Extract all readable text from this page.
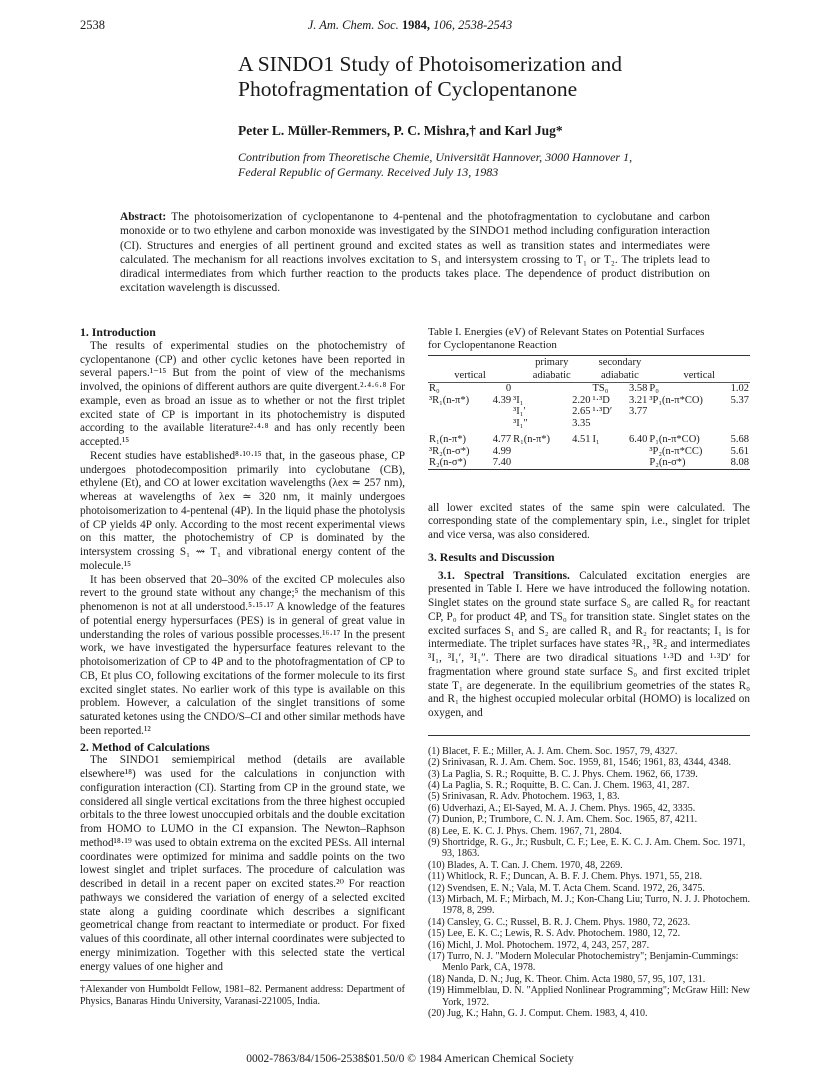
2538	J. Am. Chem. Soc. 1984, 106, 2538-2543
A SINDO1 Study of Photoisomerization and
Photofragmentation of Cyclopentanone
Peter L. Müller-Remmers, P. C. Mishra,† and Karl Jug*
Contribution from Theoretische Chemie, Universität Hannover, 3000 Hannover 1,
Federal Republic of Germany. Received July 13, 1983
Abstract: The photoisomerization of cyclopentanone to 4-pentenal and the photofragmentation to cyclobutane and carbon monoxide or to two ethylene and carbon monoxide was investigated by the SINDO1 method including configuration interaction (CI). Structures and energies of all pertinent ground and excited states as well as transition states and intermediates were calculated. The mechanism for all reactions involves excitation to S₁ and intersystem crossing to T₁ or T₂. The triplets lead to diradical intermediates from which further reaction to the products takes place. The dependence of product distribution on excitation wavelength is discussed.
1. Introduction

The results of experimental studies on the photochemistry of cyclopentanone (CP) and other cyclic ketones have been reported in several papers.¹⁻¹⁵ But from the point of view of the mechanisms involved, the opinions of different authors are quite divergent.²·⁴·⁶·⁸ For example, even as broad an issue as to whether or not the first triplet excited state of CP is important in its photochemistry is disputed according to the available literature²·⁴·⁸ and has only recently been accepted.¹⁵

Recent studies have established⁸·¹⁰·¹⁵ that, in the gaseous phase, CP undergoes photodecomposition primarily into cyclobutane (CB), ethylene (Et), and CO at lower excitation wavelengths (λex ≃ 257 nm), whereas at wavelengths of λex ≃ 320 nm, it mainly undergoes photoisomerization to 4-pentenal (4P). In the liquid phase the photolysis of CP yields 4P only. According to the most recent experimental views on this matter, the photochemistry of CP is dominated by the intersystem crossing S₁ ⇝ T₁ and vibrational energy content of the molecule.¹⁵

It has been observed that 20–30% of the excited CP molecules also revert to the ground state without any change;⁵ the mechanism of this phenomenon is not at all understood.⁵·¹⁵·¹⁷ A knowledge of the features of potential energy hypersurfaces (PES) is in general of great value in understanding the roles of various possible processes.¹⁶·¹⁷ In the present work, we have investigated the hypersurface features relevant to the photoisomerization of CP to 4P and to the photofragmentation of CP to CB, Et plus CO, following excitations of the former molecule to its first excited singlet states. No earlier work of this type is available on this problem. However, a calculation of the singlet transitions of some saturated ketones using the CNDO/S–CI and other similar methods have been reported.¹²

2. Method of Calculations

The SINDO1 semiempirical method (details are available elsewhere¹⁸) was used for the calculations in conjunction with configuration interaction (CI). Starting from CP in the ground state, we considered all single vertical excitations from the three highest occupied orbitals to the three lowest unoccupied orbitals and the double excitation from HOMO to LUMO in the CI expansion. The Newton–Raphson method¹⁸·¹⁹ was used to obtain extrema on the excited PESs. All internal coordinates were optimized for minima and saddle points on the two lowest singlet and triplet surfaces. The procedure of calculation was described in detail in a recent paper on excited states.²⁰ For reaction pathways we considered the variation of energy of a selected excited state along a guiding coordinate which describes a significant geometrical change from reactant to intermediate or product. For fixed values of this coordinate, all other internal coordinates were subjected to energy minimization. Together with this selected state the vertical energy values of one higher and

†Alexander von Humboldt Fellow, 1981–82. Permanent address: Department of Physics, Banaras Hindu University, Varanasi-221005, India.
Table I. Energies (eV) of Relevant States on Potential Surfaces
for Cyclopentanone Reaction
vertical		primary		secondary		vertical	
		adiabatic		adiabatic			
R₀	0			TS₀	3.58	P₀	1.02
³R₁(n-π*)	4.39	³I₁	2.20	¹·³D	3.21	³P₁(n-π*CO)	5.37
		³I₁′	2.65	¹·³D′	3.77		
		³I₁″	3.35				
R₁(n-π*)	4.77	R₁(n-π*)	4.51	I₁	6.40	P₁(n-π*CO)	5.68
³R₂(n-σ*)	4.99					³P₂(n-π*CC)	5.61
R₂(n-σ*)	7.40					P₂(n-σ*)	8.08

all lower excited states of the same spin were calculated. The corresponding state of the complementary spin, i.e., singlet for triplet and vice versa, was also considered.

3. Results and Discussion

3.1. Spectral Transitions. Calculated excitation energies are presented in Table I. Here we have introduced the following notation. Singlet states on the ground state surface S₀ are called R₀ for reactant CP, P₀ for product 4P, and TS₀ for transition state. Singlet states on the excited surfaces S₁ and S₂ are called R₁ and R₂ for reactants; I₁ is for intermediate. The triplet surfaces have states ³R₁, ³R₂ and intermediates ³I₁, ³I₁′, ³I₁″. There are two diradical situations ¹·³D and ¹·³D′ for fragmentation where ground state surface S₀ and first excited triplet state T₁ are degenerate. In the equilibrium geometries of the states R₀ and R₁ the highest occupied molecular orbital (HOMO) is localized on oxygen, and

(1) Blacet, F. E.; Miller, A. J. Am. Chem. Soc. 1957, 79, 4327.
(2) Srinivasan, R. J. Am. Chem. Soc. 1959, 81, 1546; 1961, 83, 4344, 4348.
(3) La Paglia, S. R.; Roquitte, B. C. J. Phys. Chem. 1962, 66, 1739.
(4) La Paglia, S. R.; Roquitte, B. C. Can. J. Chem. 1963, 41, 287.
(5) Srinivasan, R. Adv. Photochem. 1963, 1, 83.
(6) Udverhazi, A.; El-Sayed, M. A. J. Chem. Phys. 1965, 42, 3335.
(7) Dunion, P.; Trumbore, C. N. J. Am. Chem. Soc. 1965, 87, 4211.
(8) Lee, E. K. C. J. Phys. Chem. 1967, 71, 2804.
(9) Shortridge, R. G., Jr.; Rusbult, C. F.; Lee, E. K. C. J. Am. Chem. Soc. 1971, 93, 1863.
(10) Blades, A. T. Can. J. Chem. 1970, 48, 2269.
(11) Whitlock, R. F.; Duncan, A. B. F. J. Chem. Phys. 1971, 55, 218.
(12) Svendsen, E. N.; Vala, M. T. Acta Chem. Scand. 1972, 26, 3475.
(13) Mirbach, M. F.; Mirbach, M. J.; Kon-Chang Liu; Turro, N. J. J. Photochem. 1978, 8, 299.
(14) Cansley, G. C.; Russel, B. R. J. Chem. Phys. 1980, 72, 2623.
(15) Lee, E. K. C.; Lewis, R. S. Adv. Photochem. 1980, 12, 72.
(16) Michl, J. Mol. Photochem. 1972, 4, 243, 257, 287.
(17) Turro, N. J. "Modern Molecular Photochemistry"; Benjamin-Cummings: Menlo Park, CA, 1978.
(18) Nanda, D. N.; Jug, K. Theor. Chim. Acta 1980, 57, 95, 107, 131.
(19) Himmelblau, D. N. "Applied Nonlinear Programming"; McGraw Hill: New York, 1972.
(20) Jug, K.; Hahn, G. J. Comput. Chem. 1983, 4, 410.
0002-7863/84/1506-2538$01.50/0 © 1984 American Chemical Society
